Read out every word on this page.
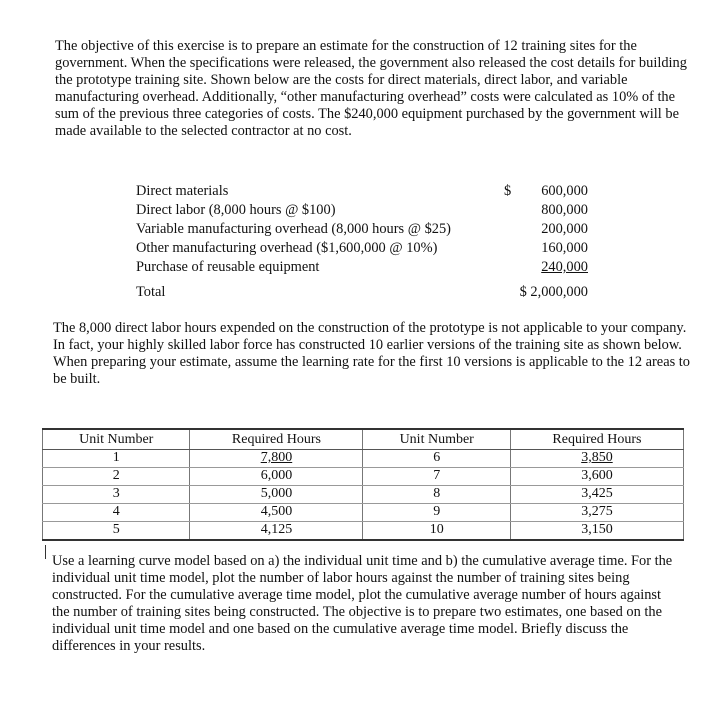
The objective of this exercise is to prepare an estimate for the construction of 12 training sites for the government. When the specifications were released, the government also released the cost details for building the prototype training site. Shown below are the costs for direct materials, direct labor, and variable manufacturing overhead. Additionally, “other manufacturing overhead” costs were calculated as 10% of the sum of the previous three categories of costs. The $240,000 equipment purchased by the government will be made available to the selected contractor at no cost.

Direct materials	$	600,000
Direct labor (8,000 hours @ $100)	800,000
Variable manufacturing overhead (8,000 hours @ $25)	200,000
Other manufacturing overhead ($1,600,000 @ 10%)	160,000
Purchase of reusable equipment	240,000
Total	$ 2,000,000

The 8,000 direct labor hours expended on the construction of the prototype is not applicable to your company. In fact, your highly skilled labor force has constructed 10 earlier versions of the training site as shown below. When preparing your estimate, assume the learning rate for the first 10 versions is applicable to the 12 areas to be built.

Unit Number	Required Hours	Unit Number	Required Hours
1	7,800	6	3,850
2	6,000	7	3,600
3	5,000	8	3,425
4	4,500	9	3,275
5	4,125	10	3,150

Use a learning curve model based on a) the individual unit time and b) the cumulative average time. For the individual unit time model, plot the number of labor hours against the number of training sites being constructed. For the cumulative average time model, plot the cumulative average number of hours against the number of training sites being constructed. The objective is to prepare two estimates, one based on the individual unit time model and one based on the cumulative average time model. Briefly discuss the differences in your results.
